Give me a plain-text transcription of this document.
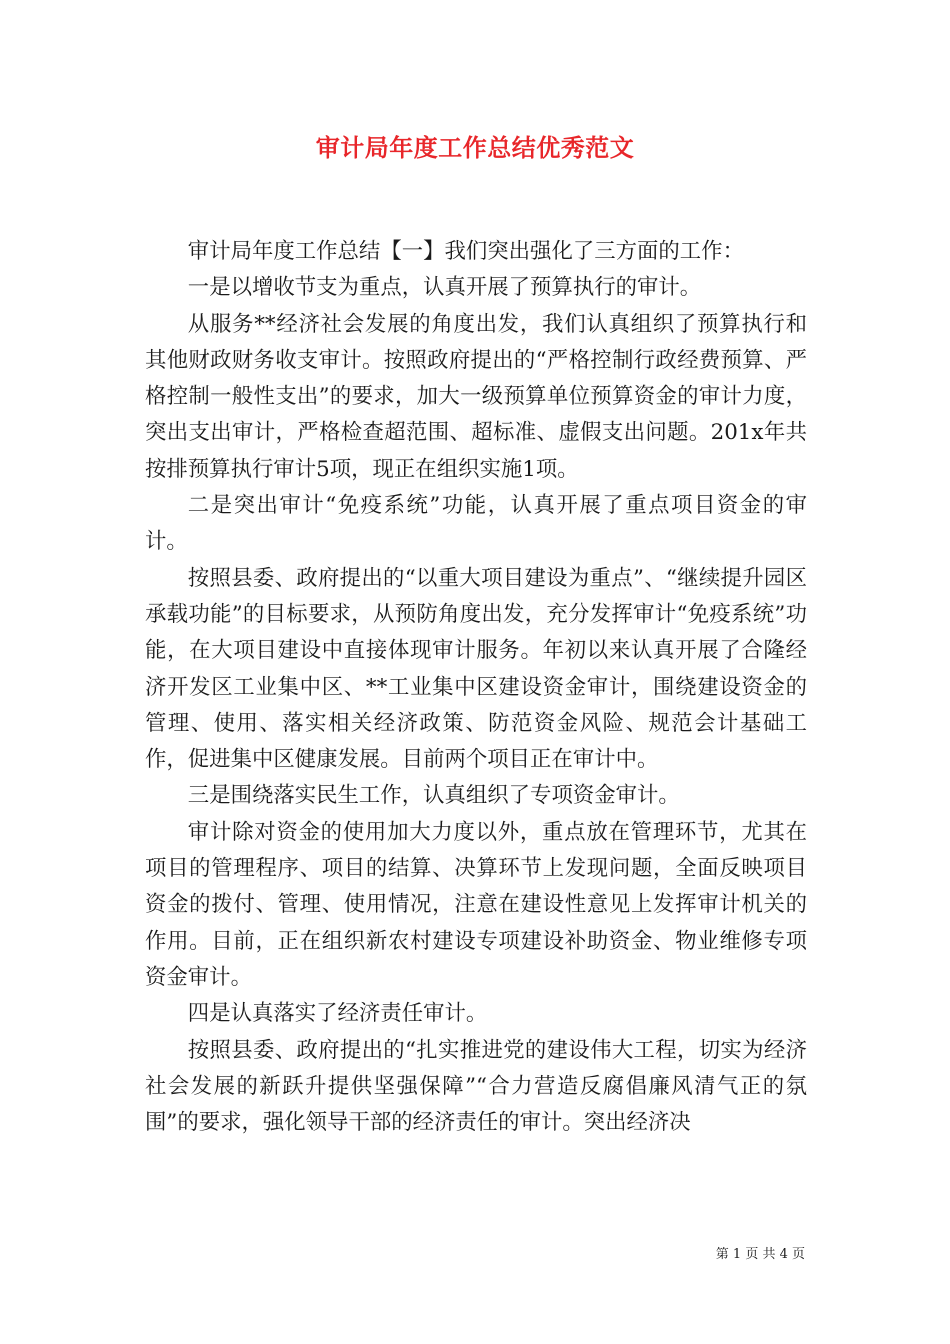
审计局年度工作总结优秀范文

审计局年度工作总结【一】我们突出强化了三方面的工作：

一是以增收节支为重点，认真开展了预算执行的审计。

从服务**经济社会发展的角度出发，我们认真组织了预算执行和其他财政财务收支审计。按照政府提出的“严格控制行政经费预算、严格控制一般性支出”的要求，加大一级预算单位预算资金的审计力度，突出支出审计，严格检查超范围、超标准、虚假支出问题。201x年共按排预算执行审计5项，现正在组织实施1项。

二是突出审计“免疫系统”功能，认真开展了重点项目资金的审计。

按照县委、政府提出的“以重大项目建设为重点”、“继续提升园区承载功能”的目标要求，从预防角度出发，充分发挥审计“免疫系统”功能，在大项目建设中直接体现审计服务。年初以来认真开展了合隆经济开发区工业集中区、**工业集中区建设资金审计，围绕建设资金的管理、使用、落实相关经济政策、防范资金风险、规范会计基础工作，促进集中区健康发展。目前两个项目正在审计中。

三是围绕落实民生工作，认真组织了专项资金审计。

审计除对资金的使用加大力度以外，重点放在管理环节，尤其在项目的管理程序、项目的结算、决算环节上发现问题，全面反映项目资金的拨付、管理、使用情况，注意在建设性意见上发挥审计机关的作用。目前，正在组织新农村建设专项建设补助资金、物业维修专项资金审计。

四是认真落实了经济责任审计。

按照县委、政府提出的“扎实推进党的建设伟大工程，切实为经济社会发展的新跃升提供坚强保障”“合力营造反腐倡廉风清气正的氛围”的要求，强化领导干部的经济责任的审计。突出经济决

第 1 页 共 4 页
